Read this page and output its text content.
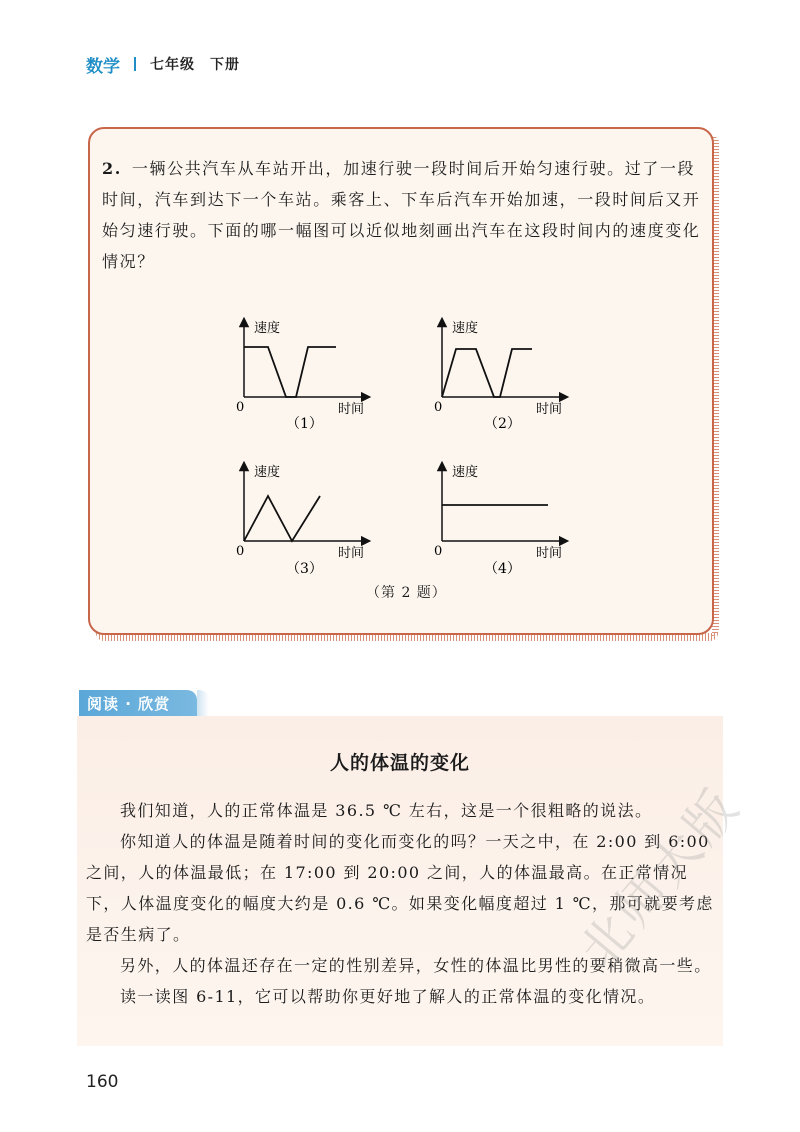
数学 七年级　下册
2. 一辆公共汽车从车站开出，加速行驶一段时间后开始匀速行驶。过了一段时间，汽车到达下一个车站。乘客上、下车后汽车开始加速，一段时间后又开始匀速行驶。下面的哪一幅图可以近似地刻画出汽车在这段时间内的速度变化情况？
速度
时间
0
（1）
速度
时间
0
（2）
速度
时间
0
（3）
速度
时间
0
（4）
（第 2 题）
阅读 · 欣赏
人的体温的变化
我们知道，人的正常体温是 36.5 ℃ 左右，这是一个很粗略的说法。
你知道人的体温是随着时间的变化而变化的吗？一天之中，在 2:00 到 6:00 之间，人的体温最低；在 17:00 到 20:00 之间，人的体温最高。在正常情况下，人体温度变化的幅度大约是 0.6 ℃。如果变化幅度超过 1 ℃，那可就要考虑是否生病了。
另外，人的体温还存在一定的性别差异，女性的体温比男性的要稍微高一些。
读一读图 6-11，它可以帮助你更好地了解人的正常体温的变化情况。
北师大版
160
